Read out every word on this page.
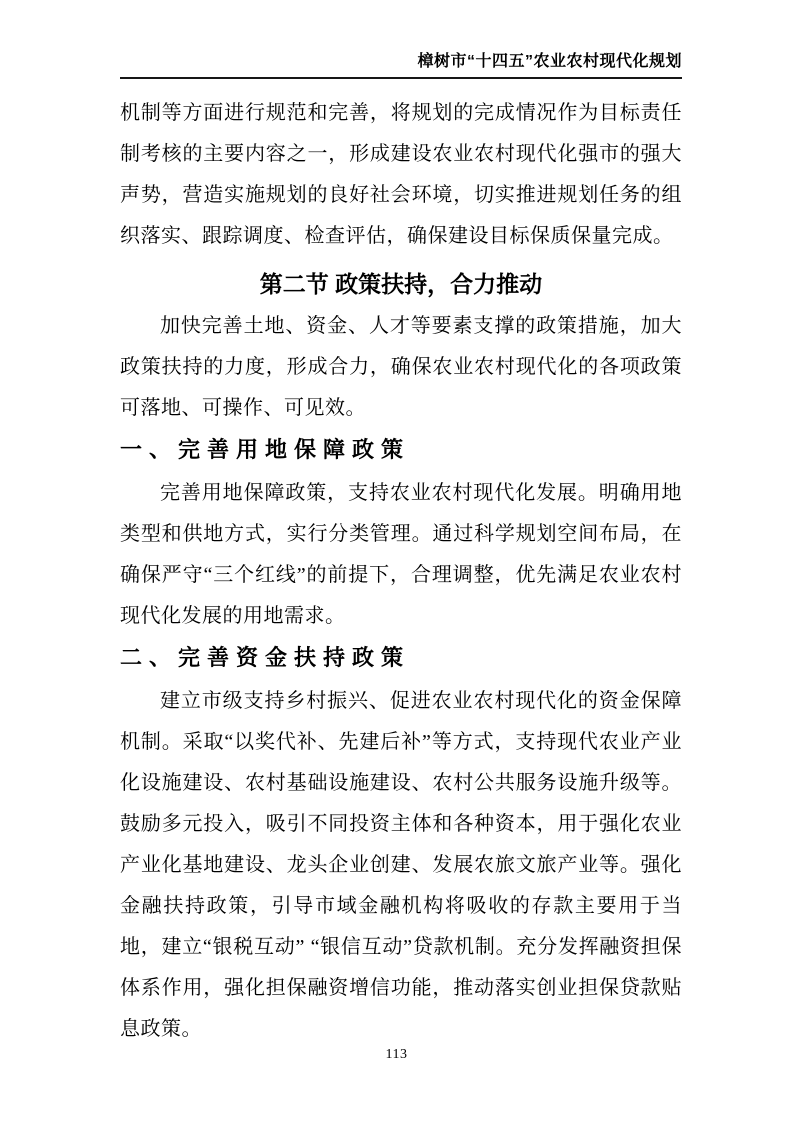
樟树市“十四五”农业农村现代化规划

机制等方面进行规范和完善，将规划的完成情况作为目标责任制考核的主要内容之一，形成建设农业农村现代化强市的强大声势，营造实施规划的良好社会环境，切实推进规划任务的组织落实、跟踪调度、检查评估，确保建设目标保质保量完成。

第二节 政策扶持，合力推动

加快完善土地、资金、人才等要素支撑的政策措施，加大政策扶持的力度，形成合力，确保农业农村现代化的各项政策可落地、可操作、可见效。

一、完善用地保障政策

完善用地保障政策，支持农业农村现代化发展。明确用地类型和供地方式，实行分类管理。通过科学规划空间布局，在确保严守“三个红线”的前提下，合理调整，优先满足农业农村现代化发展的用地需求。

二、完善资金扶持政策

建立市级支持乡村振兴、促进农业农村现代化的资金保障机制。采取“以奖代补、先建后补”等方式，支持现代农业产业化设施建设、农村基础设施建设、农村公共服务设施升级等。鼓励多元投入，吸引不同投资主体和各种资本，用于强化农业产业化基地建设、龙头企业创建、发展农旅文旅产业等。强化金融扶持政策，引导市域金融机构将吸收的存款主要用于当地，建立“银税互动” “银信互动”贷款机制。充分发挥融资担保体系作用，强化担保融资增信功能，推动落实创业担保贷款贴息政策。

113
